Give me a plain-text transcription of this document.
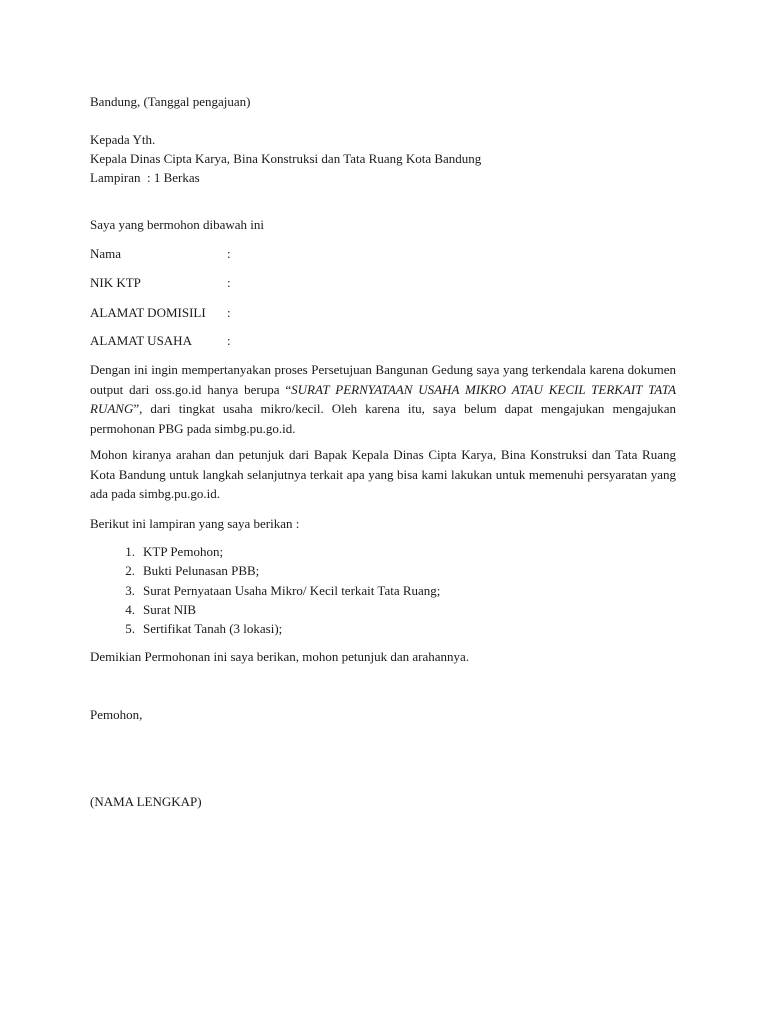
Bandung, (Tanggal pengajuan)
Kepada Yth.
Kepala Dinas Cipta Karya, Bina Konstruksi dan Tata Ruang Kota Bandung
Lampiran : 1 Berkas
Saya yang bermohon dibawah ini
Nama	:
NIK KTP	:
ALAMAT DOMISILI :
ALAMAT USAHA	:
Dengan ini ingin mempertanyakan proses Persetujuan Bangunan Gedung saya yang terkendala karena dokumen output dari oss.go.id hanya berupa “SURAT PERNYATAAN USAHA MIKRO ATAU KECIL TERKAIT TATA RUANG”, dari tingkat usaha mikro/kecil. Oleh karena itu, saya belum dapat mengajukan mengajukan permohonan PBG pada simbg.pu.go.id.
Mohon kiranya arahan dan petunjuk dari Bapak Kepala Dinas Cipta Karya, Bina Konstruksi dan Tata Ruang Kota Bandung untuk langkah selanjutnya terkait apa yang bisa kami lakukan untuk memenuhi persyaratan yang ada pada simbg.pu.go.id.
Berikut ini lampiran yang saya berikan :
1. KTP Pemohon;
2. Bukti Pelunasan PBB;
3. Surat Pernyataan Usaha Mikro/ Kecil terkait Tata Ruang;
4. Surat NIB
5. Sertifikat Tanah (3 lokasi);
Demikian Permohonan ini saya berikan, mohon petunjuk dan arahannya.
Pemohon,
(NAMA LENGKAP)
